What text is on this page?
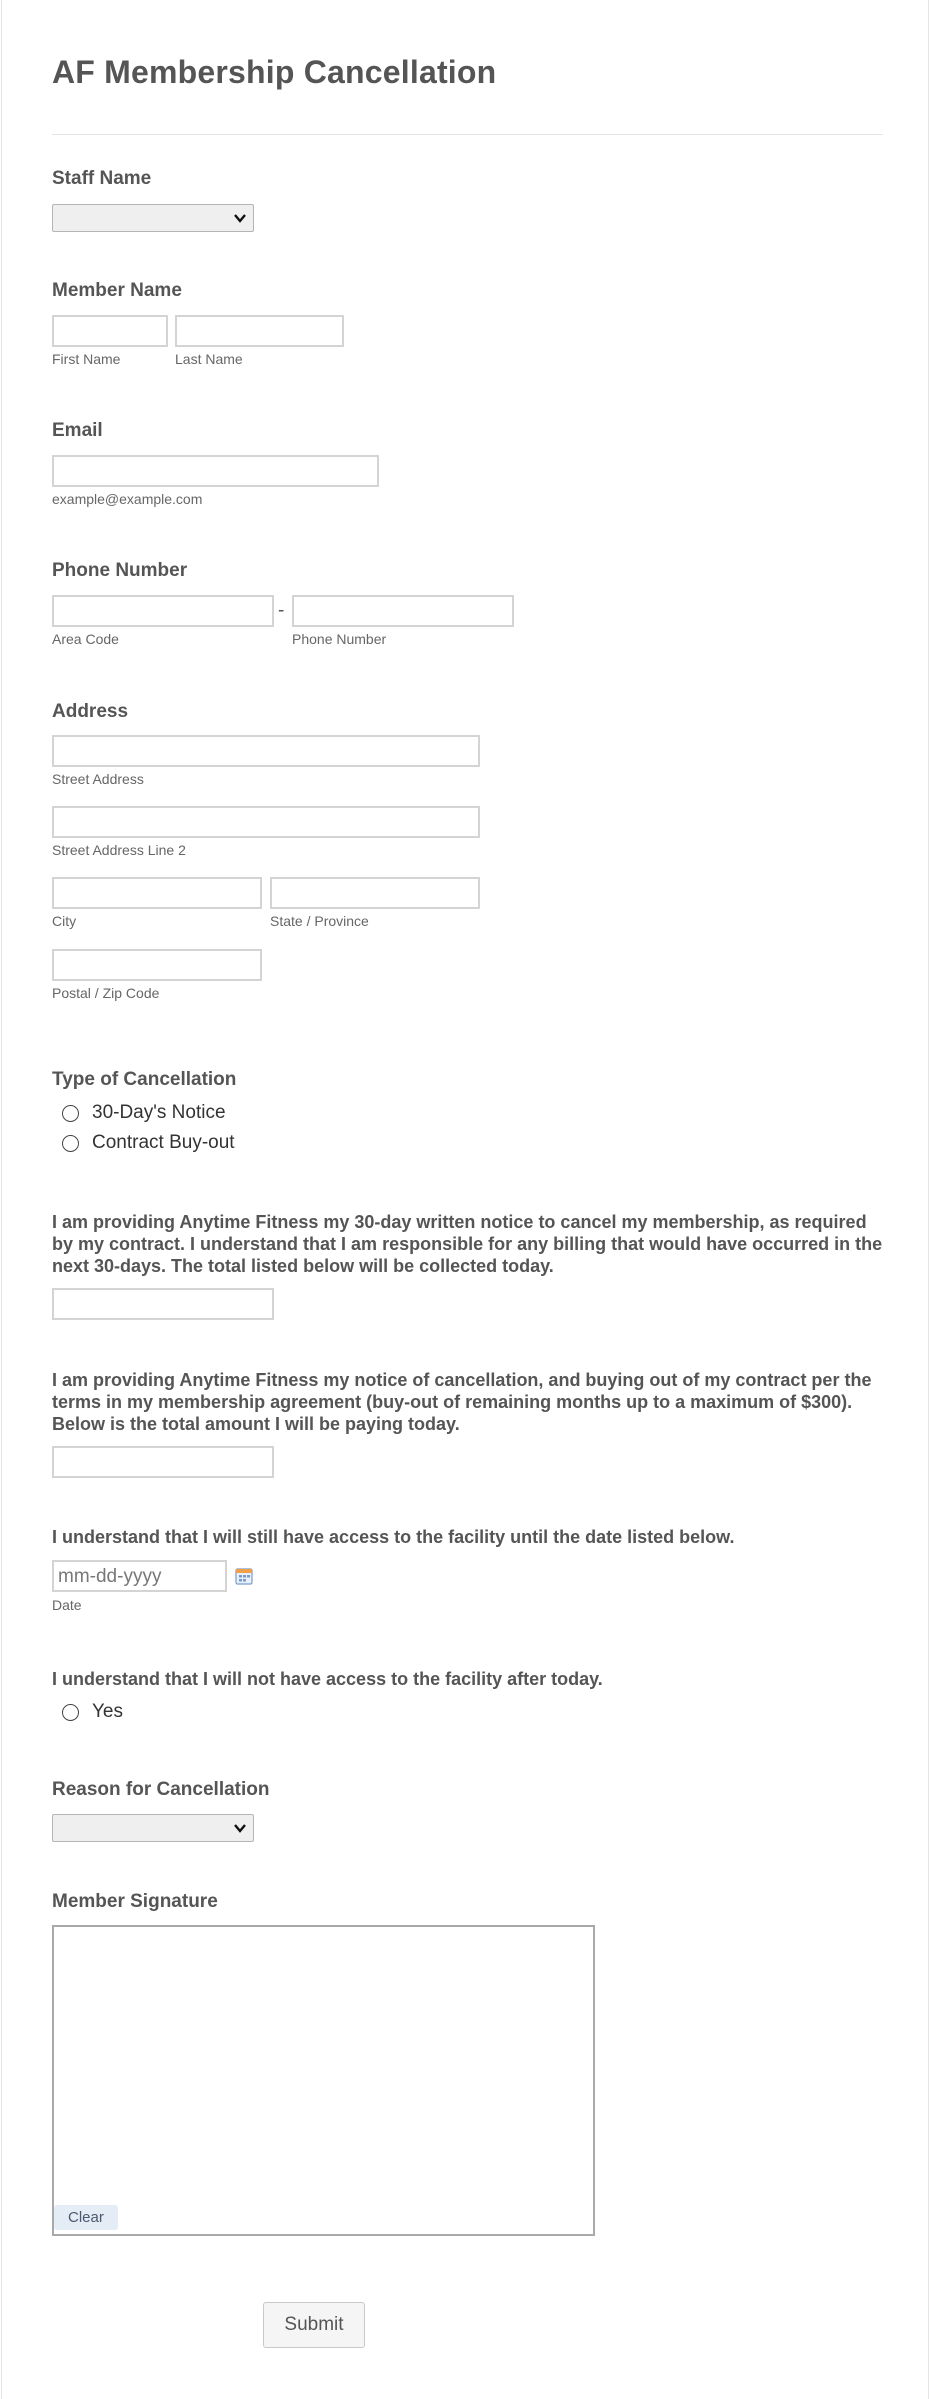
AF Membership Cancellation
Staff Name
Member Name
First Name	Last Name
Email
example@example.com
Phone Number
-
Area Code	Phone Number
Address
Street Address
Street Address Line 2
City	State / Province
Postal / Zip Code
Type of Cancellation
30-Day's Notice
Contract Buy-out
I am providing Anytime Fitness my 30-day written notice to cancel my membership, as required by my contract. I understand that I am responsible for any billing that would have occurred in the next 30-days. The total listed below will be collected today.
I am providing Anytime Fitness my notice of cancellation, and buying out of my contract per the terms in my membership agreement (buy-out of remaining months up to a maximum of $300). Below is the total amount I will be paying today.
I understand that I will still have access to the facility until the date listed below.
mm-dd-yyyy
Date
I understand that I will not have access to the facility after today.
Yes
Reason for Cancellation
Member Signature
Clear
Submit
